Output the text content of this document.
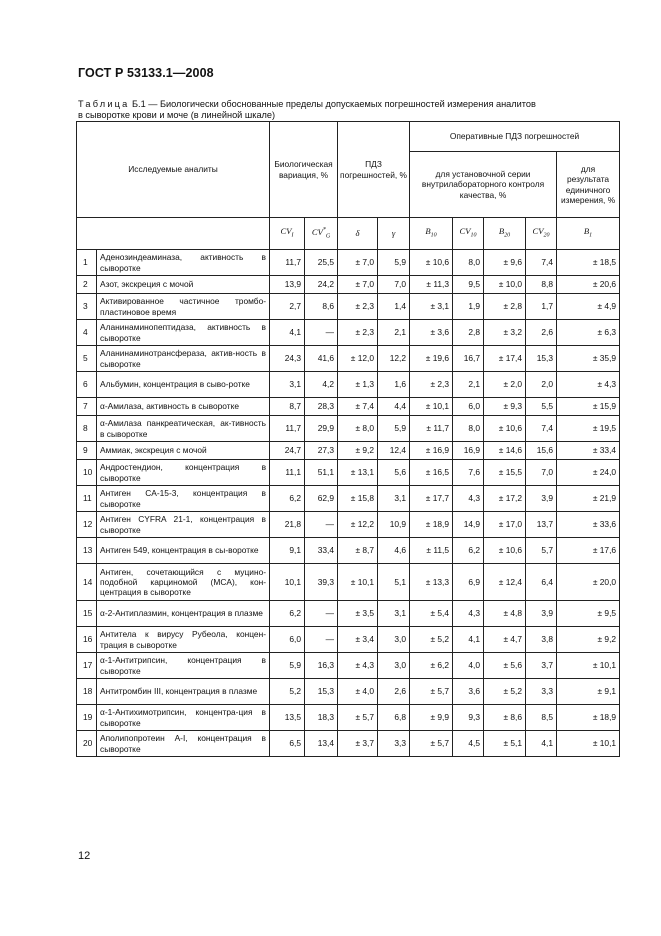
ГОСТ Р 53133.1—2008
Таблица Б.1 — Биологически обоснованные пределы допускаемых погрешностей измерения аналитов
в сыворотке крови и моче (в линейной шкале)
Исследуемые аналиты		Биологическая вариация, %		ПДЗ погрешностей, %		Оперативные ПДЗ погрешностей				
						для установочной серии внутрилабораторного контроля качества, %				для результата единичного измерения, %

		$CV_I$	$CV^*_G$	δ	γ	$B_{10}$	$CV_{10}$	$B_{20}$	$CV_{20}$	$B_1$
1	Аденозиндеаминаза, активность в сыворотке	11,7	25,5	± 7,0	5,9	± 10,6	8,0	± 9,6	7,4	± 18,5
2	Азот, экскреция с мочой	13,9	24,2	± 7,0	7,0	± 11,3	9,5	± 10,0	8,8	± 20,6
3	Активированное частичное тромбо-пластиновое время	2,7	8,6	± 2,3	1,4	± 3,1	1,9	± 2,8	1,7	± 4,9
4	Аланинаминопептидаза, активность в сыворотке	4,1	—	± 2,3	2,1	± 3,6	2,8	± 3,2	2,6	± 6,3
5	Аланинаминотрансфераза, актив-ность в сыворотке	24,3	41,6	± 12,0	12,2	± 19,6	16,7	± 17,4	15,3	± 35,9
6	Альбумин, концентрация в сыво-ротке	3,1	4,2	± 1,3	1,6	± 2,3	2,1	± 2,0	2,0	± 4,3
7	α-Амилаза, активность в сыворотке	8,7	28,3	± 7,4	4,4	± 10,1	6,0	± 9,3	5,5	± 15,9
8	α-Амилаза панкреатическая, ак-тивность в сыворотке	11,7	29,9	± 8,0	5,9	± 11,7	8,0	± 10,6	7,4	± 19,5
9	Аммиак, экскреция с мочой	24,7	27,3	± 9,2	12,4	± 16,9	16,9	± 14,6	15,6	± 33,4
10	Андростендион, концентрация в сыворотке	11,1	51,1	± 13,1	5,6	± 16,5	7,6	± 15,5	7,0	± 24,0
11	Антиген CA-15-3, концентрация в сыворотке	6,2	62,9	± 15,8	3,1	± 17,7	4,3	± 17,2	3,9	± 21,9
12	Антиген CYFRA 21-1, концентрация в сыворотке	21,8	—	± 12,2	10,9	± 18,9	14,9	± 17,0	13,7	± 33,6
13	Антиген 549, концентрация в сы-воротке	9,1	33,4	± 8,7	4,6	± 11,5	6,2	± 10,6	5,7	± 17,6
14	Антиген, сочетающийся с муцино-подобной карциномой (MCA), кон-центрация в сыворотке	10,1	39,3	± 10,1	5,1	± 13,3	6,9	± 12,4	6,4	± 20,0
15	α-2-Антиплазмин, концентрация в плазме	6,2	—	± 3,5	3,1	± 5,4	4,3	± 4,8	3,9	± 9,5
16	Антитела к вирусу Рубеола, концен-трация в сыворотке	6,0	—	± 3,4	3,0	± 5,2	4,1	± 4,7	3,8	± 9,2
17	α-1-Антитрипсин, концентрация в сыворотке	5,9	16,3	± 4,3	3,0	± 6,2	4,0	± 5,6	3,7	± 10,1
18	Антитромбин III, концентрация в плазме	5,2	15,3	± 4,0	2,6	± 5,7	3,6	± 5,2	3,3	± 9,1
19	α-1-Антихимотрипсин, концентра-ция в сыворотке	13,5	18,3	± 5,7	6,8	± 9,9	9,3	± 8,6	8,5	± 18,9
20	Аполипопротеин A-I, концентрация в сыворотке	6,5	13,4	± 3,7	3,3	± 5,7	4,5	± 5,1	4,1	± 10,1
12
